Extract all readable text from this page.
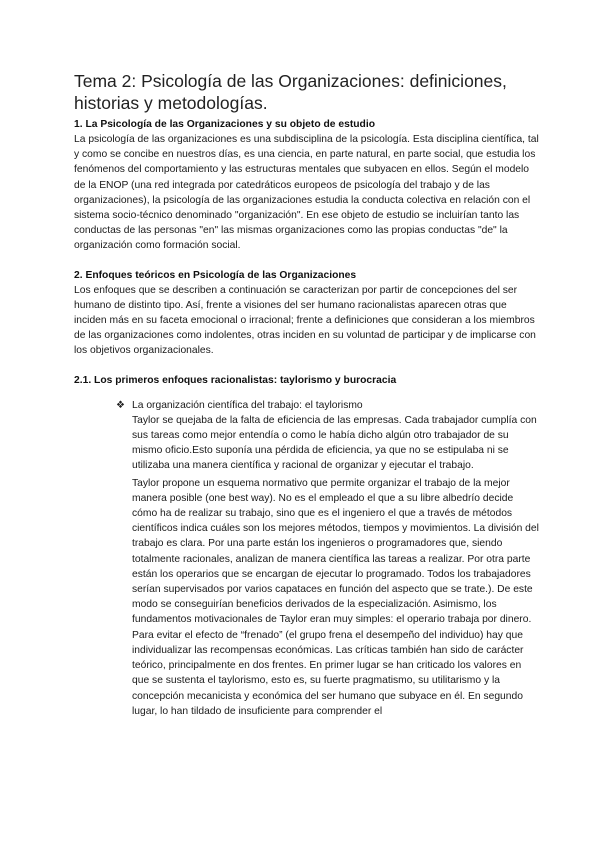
Tema 2: Psicología de las Organizaciones: definiciones, historias y metodologías.
1. La Psicología de las Organizaciones y su objeto de estudio

La psicología de las organizaciones es una subdisciplina de la psicología. Esta disciplina científica, tal y como se concibe en nuestros días, es una ciencia, en parte natural, en parte social, que estudia los fenómenos del comportamiento y las estructuras mentales que subyacen en ellos. Según el modelo de la ENOP (una red integrada por catedráticos europeos de psicología del trabajo y de las organizaciones), la psicología de las organizaciones estudia la conducta colectiva en relación con el sistema socio-técnico denominado "organización". En ese objeto de estudio se incluirían tanto las conductas de las personas "en" las mismas organizaciones como las propias conductas "de" la organización como formación social.

2. Enfoques teóricos en Psicología de las Organizaciones

Los enfoques que se describen a continuación se caracterizan por partir de concepciones del ser humano de distinto tipo. Así, frente a visiones del ser humano racionalistas aparecen otras que inciden más en su faceta emocional o irracional; frente a definiciones que consideran a los miembros de las organizaciones como indolentes, otras inciden en su voluntad de participar y de implicarse con los objetivos organizacionales.

2.1. Los primeros enfoques racionalistas: taylorismo y burocracia
❖ La organización científica del trabajo: el taylorismo

Taylor se quejaba de la falta de eficiencia de las empresas. Cada trabajador cumplía con sus tareas como mejor entendía o como le había dicho algún otro trabajador de su mismo oficio.Esto suponía una pérdida de eficiencia, ya que no se estipulaba ni se utilizaba una manera científica y racional de organizar y ejecutar el trabajo.

Taylor propone un esquema normativo que permite organizar el trabajo de la mejor manera posible (one best way). No es el empleado el que a su libre albedrío decide cómo ha de realizar su trabajo, sino que es el ingeniero el que a través de métodos científicos indica cuáles son los mejores métodos, tiempos y movimientos. La división del trabajo es clara. Por una parte están los ingenieros o programadores que, siendo totalmente racionales, analizan de manera científica las tareas a realizar. Por otra parte están los operarios que se encargan de ejecutar lo programado. Todos los trabajadores serían supervisados por varios capataces en función del aspecto que se trate.). De este modo se conseguirían beneficios derivados de la especialización. Asimismo, los fundamentos motivacionales de Taylor eran muy simples: el operario trabaja por dinero. Para evitar el efecto de “frenado” (el grupo frena el desempeño del individuo) hay que individualizar las recompensas económicas. Las críticas también han sido de carácter teórico, principalmente en dos frentes. En primer lugar se han criticado los valores en que se sustenta el taylorismo, esto es, su fuerte pragmatismo, su utilitarismo y la concepción mecanicista y económica del ser humano que subyace en él. En segundo lugar, lo han tildado de insuficiente para comprender el
